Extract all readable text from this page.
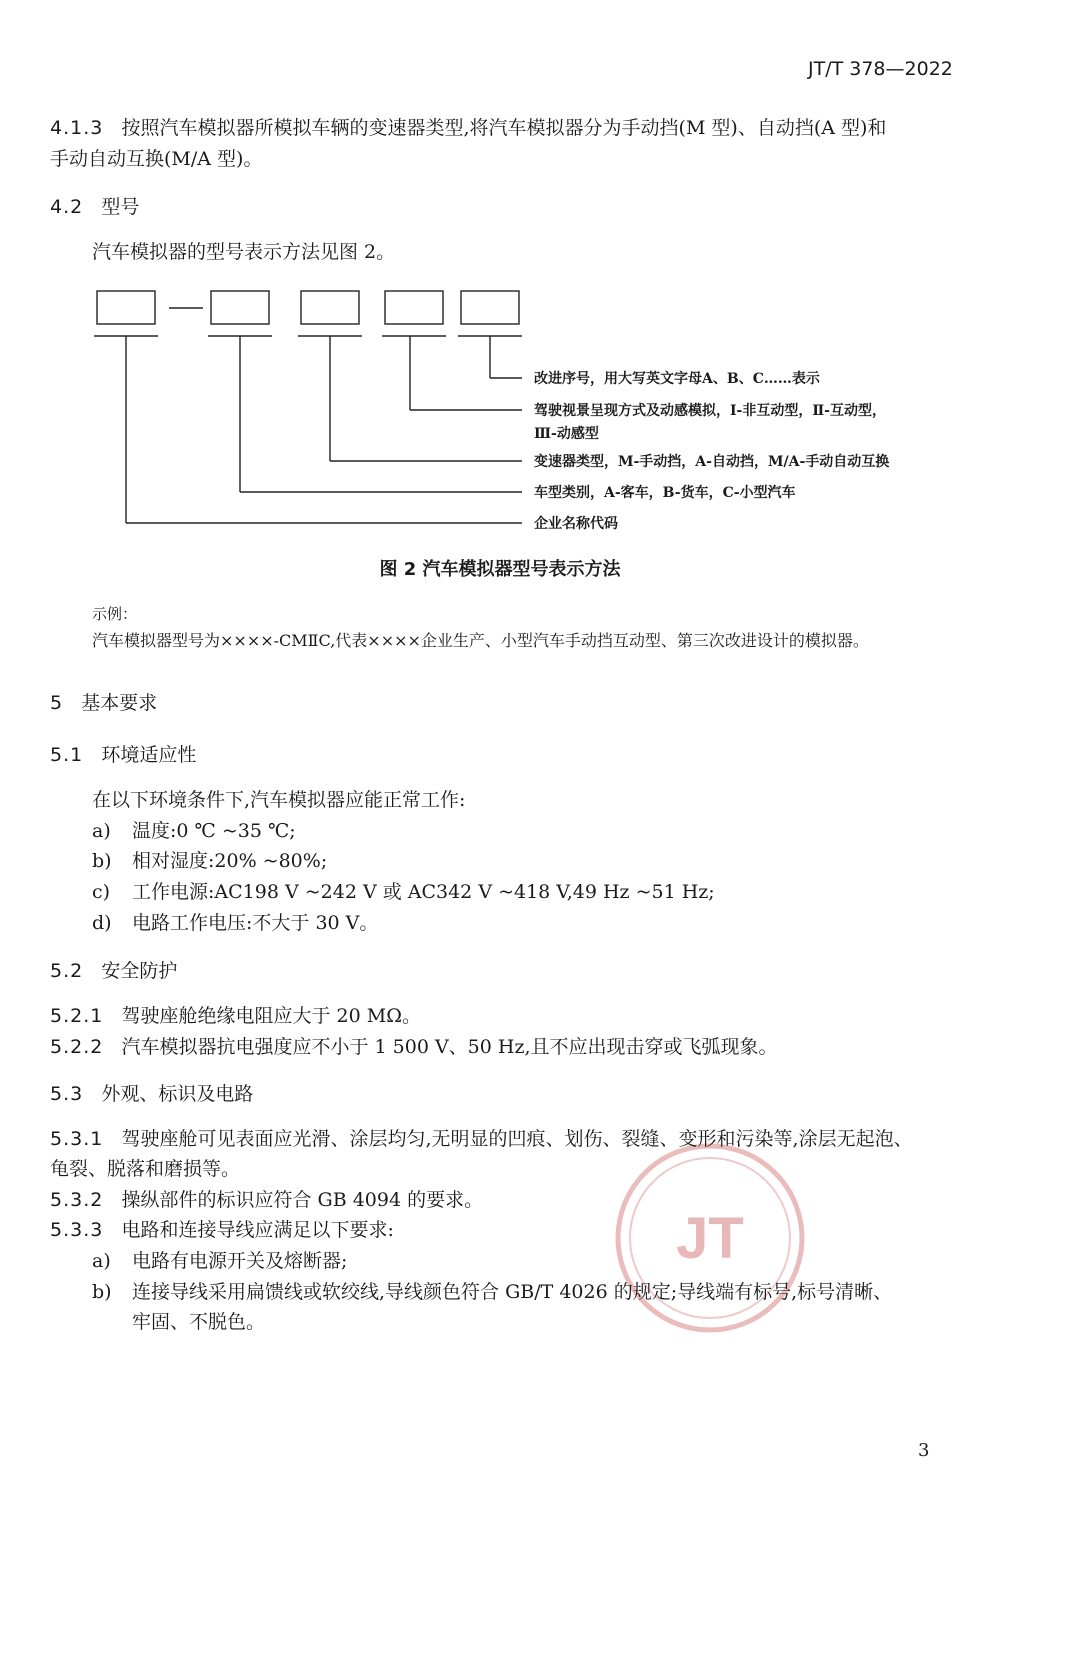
JT/T 378—2022
4.1.3 按照汽车模拟器所模拟车辆的变速器类型,将汽车模拟器分为手动挡(M 型)、自动挡(A 型)和
手动自动互换(M/A 型)。
4.2 型号
汽车模拟器的型号表示方法见图 2。
改进序号，用大写英文字母A、B、C……表示
驾驶视景呈现方式及动感模拟，Ⅰ-非互动型，Ⅱ-互动型，
Ⅲ-动感型
变速器类型，M-手动挡，A-自动挡，M/A-手动自动互换
车型类别，A-客车，B-货车，C-小型汽车
企业名称代码
图 2 汽车模拟器型号表示方法
示例：
汽车模拟器型号为××××-CMⅡC,代表××××企业生产、小型汽车手动挡互动型、第三次改进设计的模拟器。
5 基本要求
5.1 环境适应性
在以下环境条件下,汽车模拟器应能正常工作:
a) 温度:0 ℃ ~35 ℃;
b) 相对湿度:20% ~80%;
c) 工作电源:AC198 V ~242 V 或 AC342 V ~418 V,49 Hz ~51 Hz;
d) 电路工作电压:不大于 30 V。
5.2 安全防护
5.2.1 驾驶座舱绝缘电阻应大于 20 MΩ。
5.2.2 汽车模拟器抗电强度应不小于 1 500 V、50 Hz,且不应出现击穿或飞弧现象。
JT
5.3 外观、标识及电路
5.3.1 驾驶座舱可见表面应光滑、涂层均匀,无明显的凹痕、划伤、裂缝、变形和污染等,涂层无起泡、
龟裂、脱落和磨损等。
5.3.2 操纵部件的标识应符合 GB 4094 的要求。
5.3.3 电路和连接导线应满足以下要求:
a) 电路有电源开关及熔断器;
b) 连接导线采用扁馈线或软绞线,导线颜色符合 GB/T 4026 的规定;导线端有标号,标号清晰、
牢固、不脱色。
3
